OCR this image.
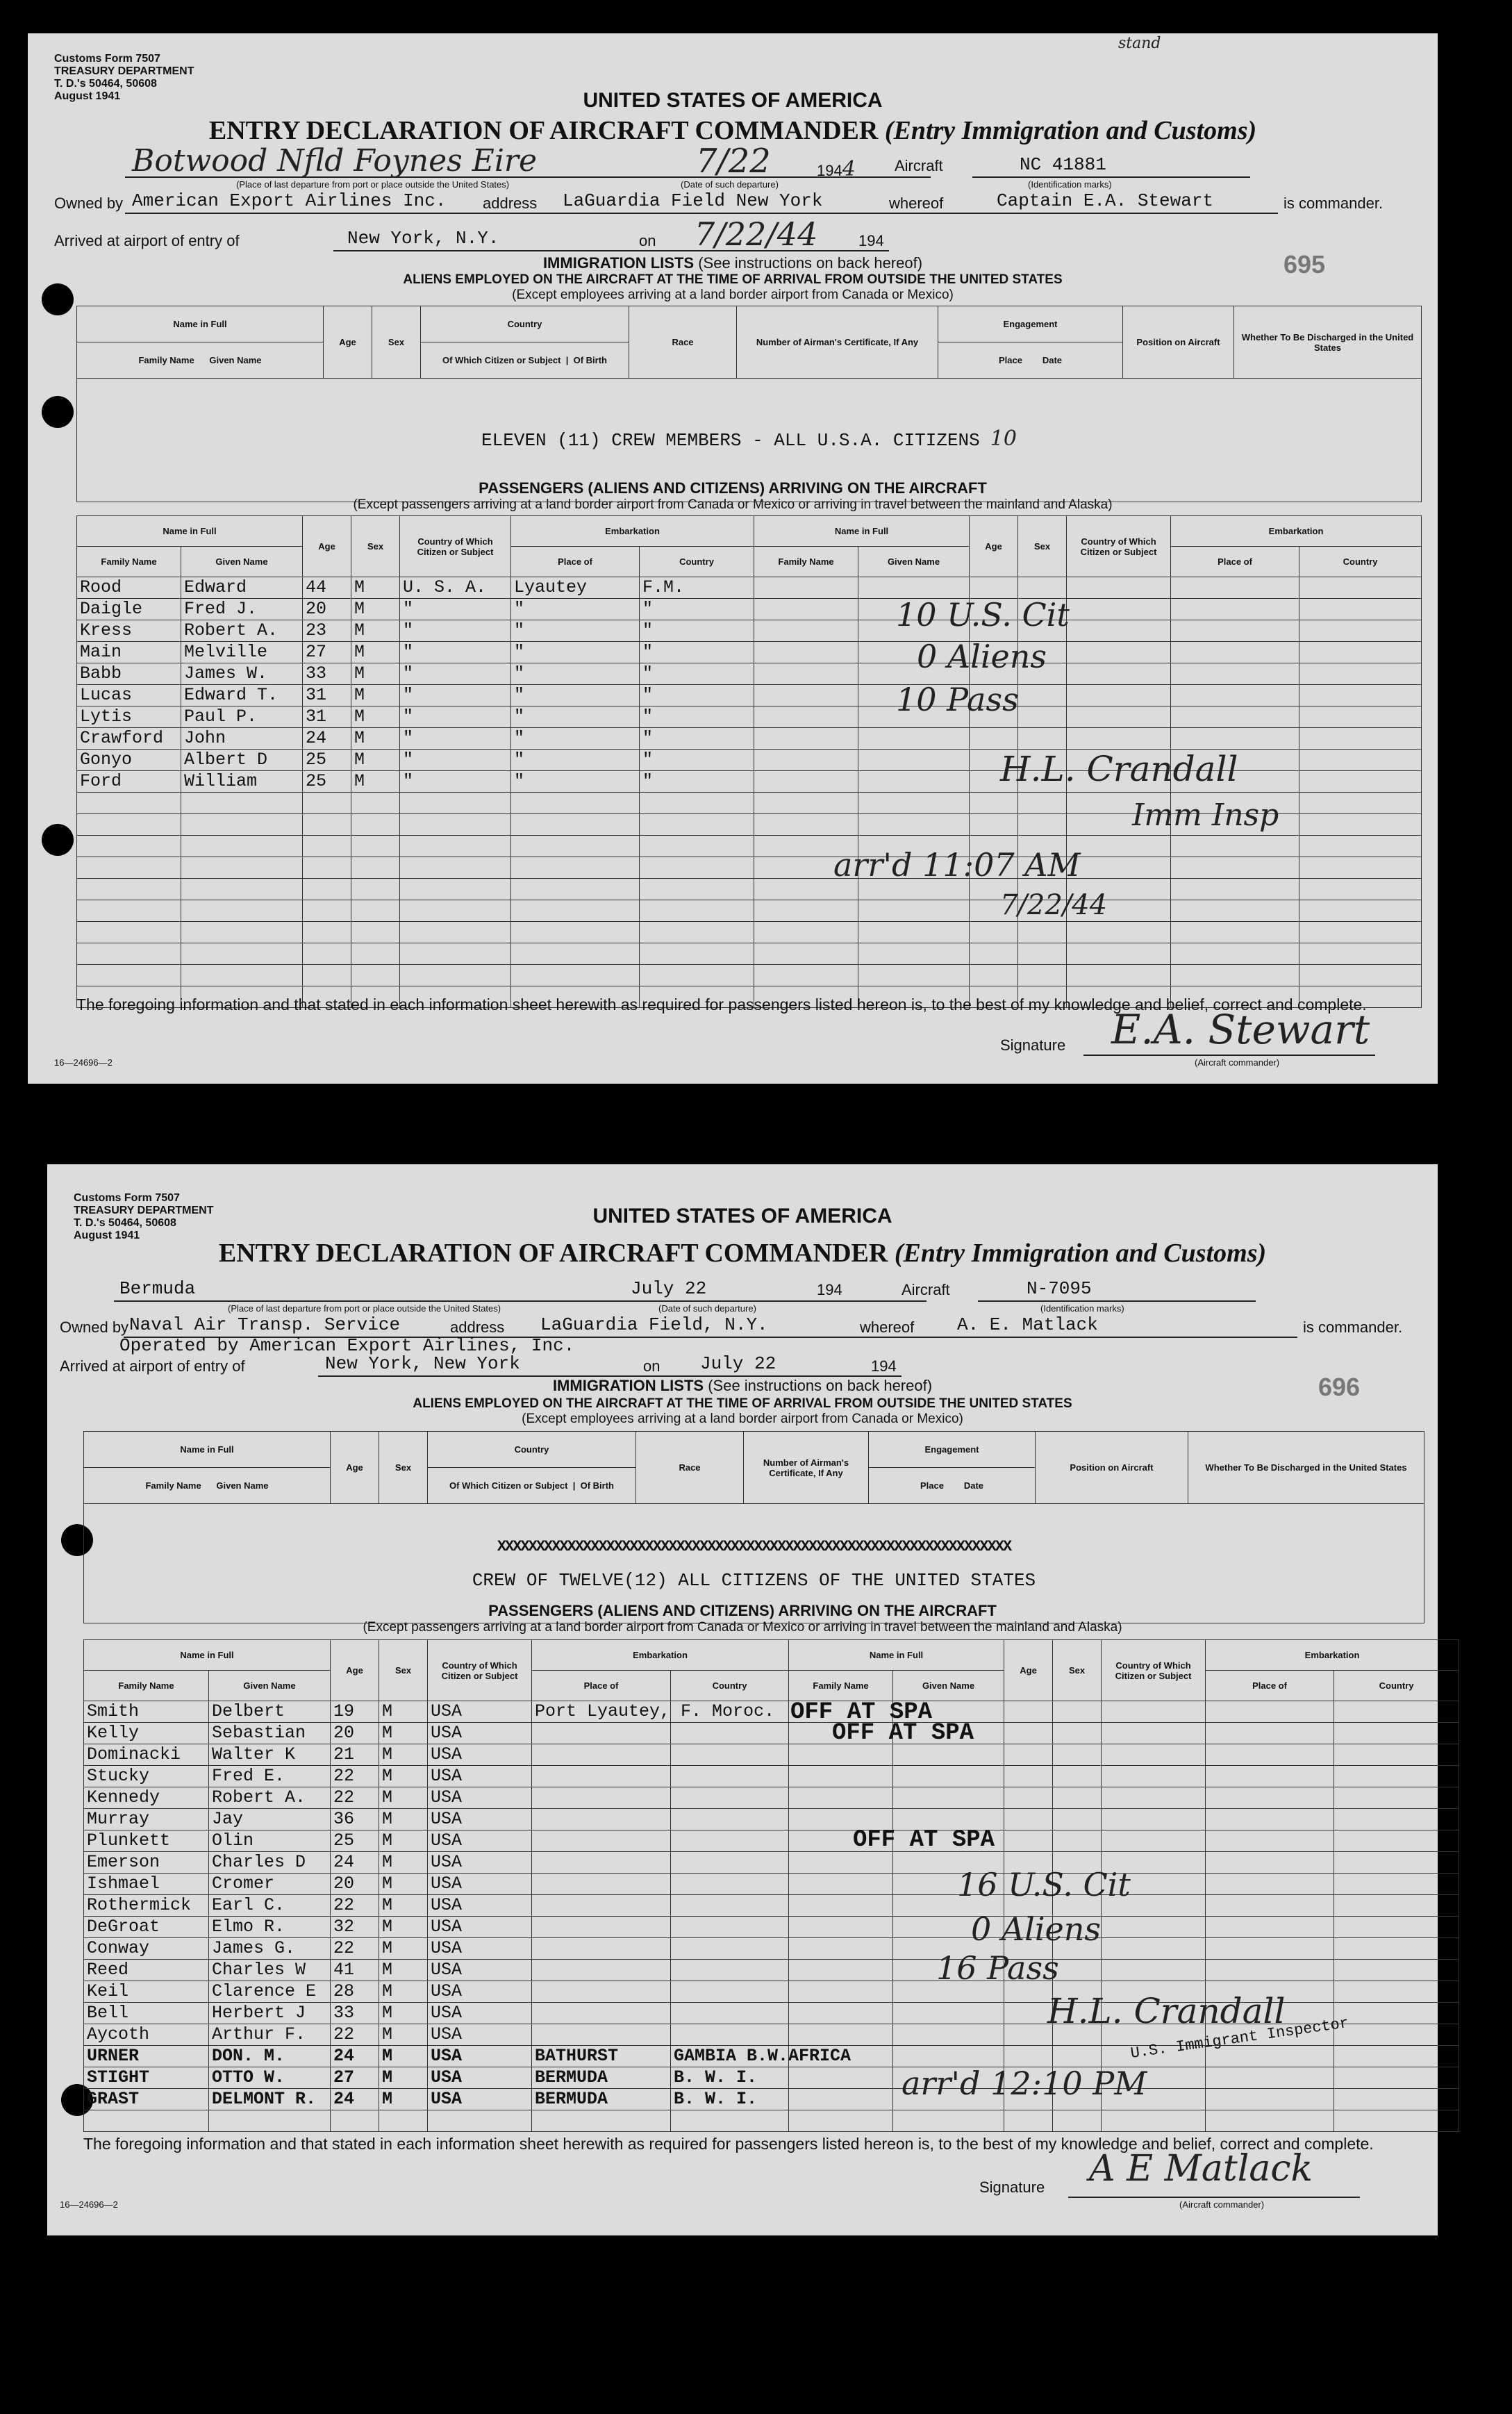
Customs Form 7507
TREASURY DEPARTMENT
T. D.'s 50464, 50608
August 1941
stand
UNITED STATES OF AMERICA
ENTRY DECLARATION OF AIRCRAFT COMMANDER (Entry Immigration and Customs)
Botwood Nfld Foynes Eire	7/22	1944	Aircraft	NC 41881
(Place of last departure from port or place outside the United States)	(Date of such departure)	(Identification marks)
Owned by American Export Airlines Inc. address LaGuardia Field New York	whereof	Captain E.A. Stewart	is commander.
Arrived at airport of entry of	New York, N.Y.	on 7/22/44	194
IMMIGRATION LISTS (See instructions on back hereof)	695
ALIENS EMPLOYED ON THE AIRCRAFT AT THE TIME OF ARRIVAL FROM OUTSIDE THE UNITED STATES
(Except employees arriving at a land border airport from Canada or Mexico)
Name in Full	Age	Sex	Country	Race	Number of Airman's Certificate, If Any	Engagement	Position on Aircraft	Whether To Be Discharged in the United States
Family Name Given Name			Of Which Citizen or Subject  |  Of Birth			Place Date		
ELEVEN (11) CREW MEMBERS - ALL U.S.A. CITIZENS 10								
PASSENGERS (ALIENS AND CITIZENS) ARRIVING ON THE AIRCRAFT
(Except passengers arriving at a land border airport from Canada or Mexico or arriving in travel between the mainland and Alaska)
Name in Full		Age	Sex	Country of Which Citizen or Subject	Embarkation		Name in Full		Age	Sex	Country of Which Citizen or Subject	Embarkation	
Family Name	Given Name				Place of	Country	Family Name	Given Name				Place of	Country
Rood	Edward	44	M	U. S. A.	Lyautey	F.M.							
Daigle	Fred J.	20	M	"	"	"							
Kress	Robert A.	23	M	"	"	"							
Main	Melville	27	M	"	"	"							
Babb	James W.	33	M	"	"	"							
Lucas	Edward T.	31	M	"	"	"							
Lytis	Paul P.	31	M	"	"	"							
Crawford	John	24	M	"	"	"							
Gonyo	Albert D	25	M	"	"	"							
Ford	William	25	M	"	"	"							

10 U.S. Cit
0 Aliens
10 Pass
H.L. Crandall
Imm Insp
arr'd 11:07 AM
7/22/44
The foregoing information and that stated in each information sheet herewith as required for passengers listed hereon is, to the best of my knowledge and belief, correct and complete.
Signature E.A. Stewart
(Aircraft commander)
16—24696—2
Customs Form 7507
TREASURY DEPARTMENT
T. D.'s 50464, 50608
August 1941
UNITED STATES OF AMERICA
ENTRY DECLARATION OF AIRCRAFT COMMANDER (Entry Immigration and Customs)
Bermuda	July 22	194	Aircraft	N-7095
(Place of last departure from port or place outside the United States)	(Date of such departure)	(Identification marks)
Owned by Naval Air Transp. Service	address LaGuardia Field, N.Y.	whereof A. E. Matlack	is commander.
Operated by American Export Airlines, Inc.
Arrived at airport of entry of	New York, New York	on July 22	194
IMMIGRATION LISTS (See instructions on back hereof)	696
ALIENS EMPLOYED ON THE AIRCRAFT AT THE TIME OF ARRIVAL FROM OUTSIDE THE UNITED STATES
(Except employees arriving at a land border airport from Canada or Mexico)
Name in Full	Age	Sex	Country	Race	Number of Airman's Certificate, If Any	Engagement	Position on Aircraft	Whether To Be Discharged in the United States
Family Name Given Name			Of Which Citizen or Subject  |  Of Birth			Place Date		

XXXXXXXXXXXXXXXXXXXXXXXXXXXXXXXXXXXXXXXXXXXXXXXXXXXXXXXXXXXXXXXXXX
CREW OF TWELVE(12) ALL CITIZENS OF THE UNITED STATES								
PASSENGERS (ALIENS AND CITIZENS) ARRIVING ON THE AIRCRAFT
(Except passengers arriving at a land border airport from Canada or Mexico or arriving in travel between the mainland and Alaska)
Name in Full		Age	Sex	Country of Which Citizen or Subject	Embarkation		Name in Full		Age	Sex	Country of Which Citizen or Subject	Embarkation	
Family Name	Given Name				Place of	Country	Family Name	Given Name				Place of	Country
Smith	Delbert	19	M	USA	Port Lyautey, F. Moroc.								
Kelly	Sebastian	20	M	USA									
Dominacki	Walter K	21	M	USA									
Stucky	Fred E.	22	M	USA									
Kennedy	Robert A.	22	M	USA									
Murray	Jay	36	M	USA									
Plunkett	Olin	25	M	USA									
Emerson	Charles D	24	M	USA									
Ishmael	Cromer	20	M	USA									
Rothermick	Earl C.	22	M	USA									
DeGroat	Elmo R.	32	M	USA									
Conway	James G.	22	M	USA									
Reed	Charles W	41	M	USA									
Keil	Clarence E	28	M	USA									
Bell	Herbert J	33	M	USA									
Aycoth	Arthur F.	22	M	USA									
URNER	DON. M.	24	M	USA	BATHURST	GAMBIA B.W.AFRICA							
STIGHT	OTTO W.	27	M	USA	BERMUDA	B. W. I.							
GRAST	DELMONT R.	24	M	USA	BERMUDA	B. W. I.							

OFF AT SPA
OFF AT SPA
OFF AT SPA
16 U.S. Cit
0 Aliens
16 Pass
H.L. Crandall
U.S. Immigrant Inspector
arr'd 12:10 PM
The foregoing information and that stated in each information sheet herewith as required for passengers listed hereon is, to the best of my knowledge and belief, correct and complete.
Signature A E Matlack
(Aircraft commander)
16—24696—2
